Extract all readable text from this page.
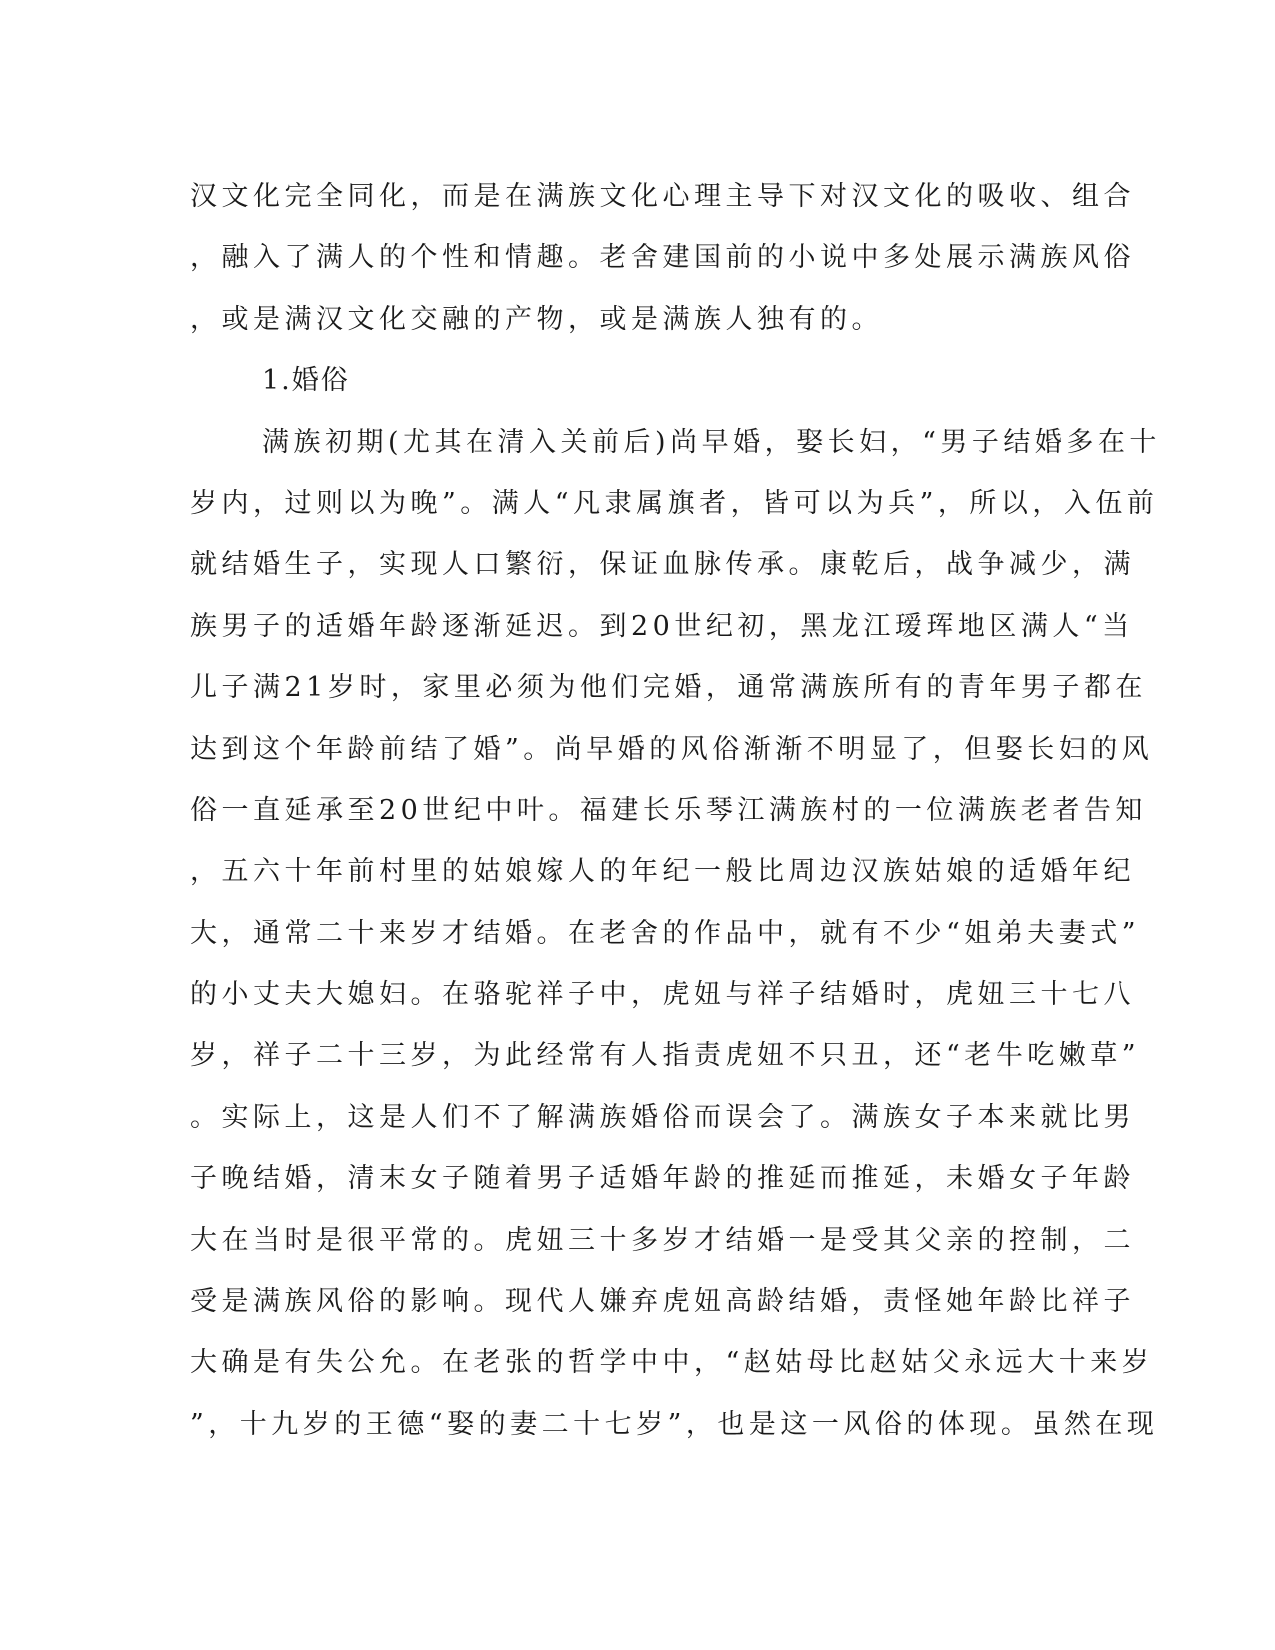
汉文化完全同化，而是在满族文化心理主导下对汉文化的吸收、组合
，融入了满人的个性和情趣。老舍建国前的小说中多处展示满族风俗
，或是满汉文化交融的产物，或是满族人独有的。
1.婚俗
满族初期(尤其在清入关前后)尚早婚，娶长妇，“男子结婚多在十
岁内，过则以为晚”。满人“凡隶属旗者，皆可以为兵”，所以，入伍前
就结婚生子，实现人口繁衍，保证血脉传承。康乾后，战争减少，满
族男子的适婚年龄逐渐延迟。到20世纪初，黑龙江瑷珲地区满人“当
儿子满21岁时，家里必须为他们完婚，通常满族所有的青年男子都在
达到这个年龄前结了婚”。尚早婚的风俗渐渐不明显了，但娶长妇的风
俗一直延承至20世纪中叶。福建长乐琴江满族村的一位满族老者告知
，五六十年前村里的姑娘嫁人的年纪一般比周边汉族姑娘的适婚年纪
大，通常二十来岁才结婚。在老舍的作品中，就有不少“姐弟夫妻式”
的小丈夫大媳妇。在骆驼祥子中，虎妞与祥子结婚时，虎妞三十七八
岁，祥子二十三岁，为此经常有人指责虎妞不只丑，还“老牛吃嫩草”
。实际上，这是人们不了解满族婚俗而误会了。满族女子本来就比男
子晚结婚，清末女子随着男子适婚年龄的推延而推延，未婚女子年龄
大在当时是很平常的。虎妞三十多岁才结婚一是受其父亲的控制，二
受是满族风俗的影响。现代人嫌弃虎妞高龄结婚，责怪她年龄比祥子
大确是有失公允。在老张的哲学中中，“赵姑母比赵姑父永远大十来岁
”，十九岁的王德“娶的妻二十七岁”，也是这一风俗的体现。虽然在现
